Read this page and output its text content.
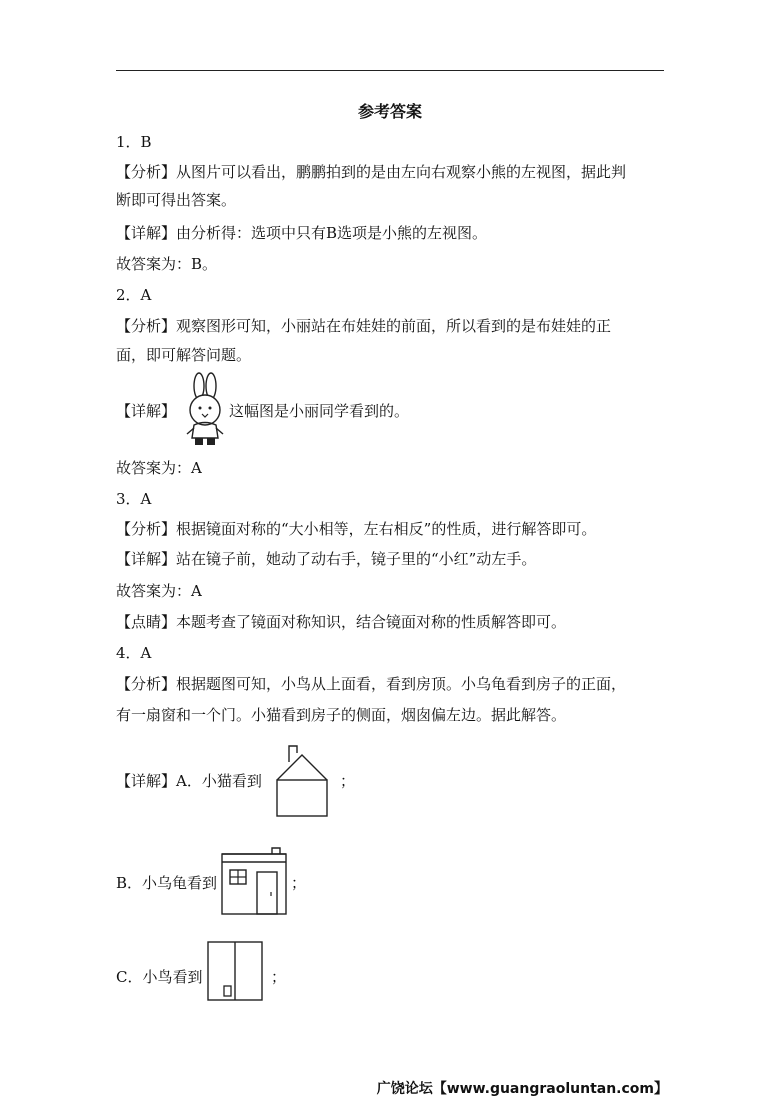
参考答案
1．B
【分析】从图片可以看出，鹏鹏拍到的是由左向右观察小熊的左视图，据此判
断即可得出答案。
【详解】由分析得：选项中只有B选项是小熊的左视图。
故答案为：B。
2．A
【分析】观察图形可知，小丽站在布娃娃的前面，所以看到的是布娃娃的正
面，即可解答问题。
【详解】	这幅图是小丽同学看到的。
故答案为：A
3．A
【分析】根据镜面对称的“大小相等，左右相反”的性质，进行解答即可。
【详解】站在镜子前，她动了动右手，镜子里的“小红”动左手。
故答案为：A
【点睛】本题考查了镜面对称知识，结合镜面对称的性质解答即可。
4．A
【分析】根据题图可知，小鸟从上面看，看到房顶。小乌龟看到房子的正面，
有一扇窗和一个门。小猫看到房子的侧面，烟囱偏左边。据此解答。
【详解】A．小猫看到	；
B．小乌龟看到	；
C．小鸟看到	；
广饶论坛【www.guangraoluntan.com】
